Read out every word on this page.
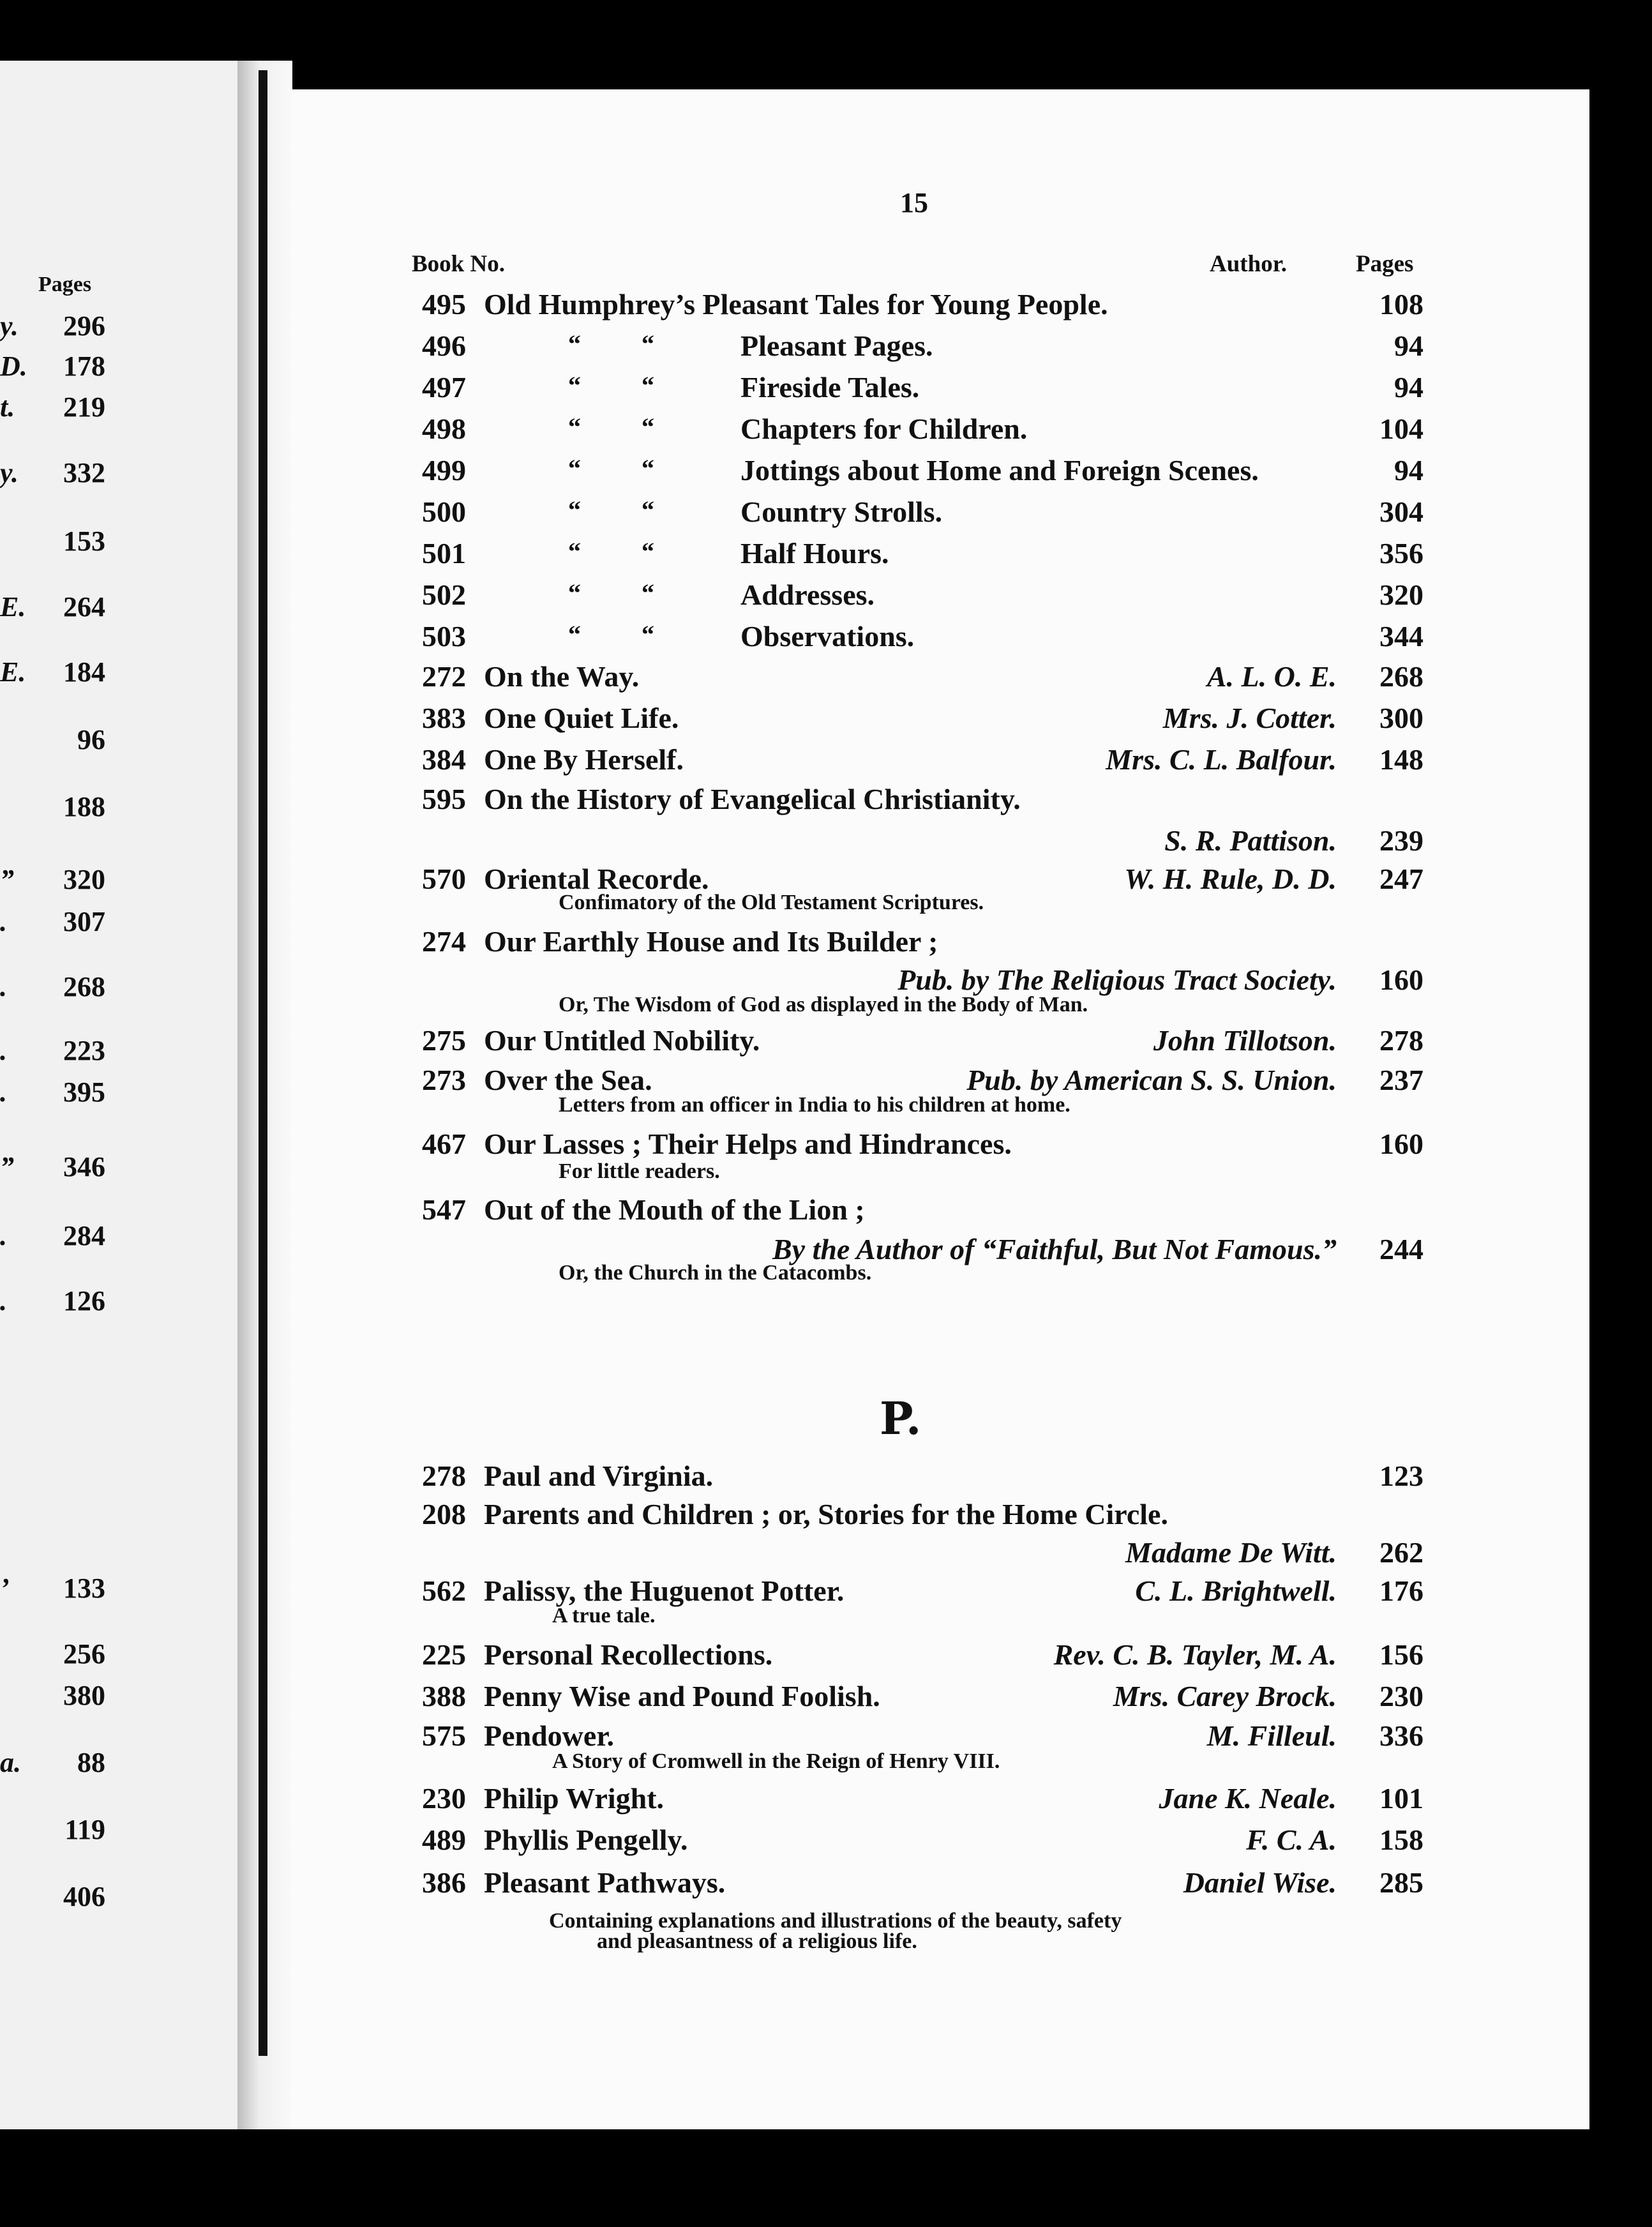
Pages
15
Book No.	Author.	Pages
P.
y. 296
D. 178
t. 219
y. 332
153
E. 264
E. 184
96
188
” 320
. 307
. 268
. 223
. 395
” 346
. 284
. 126
’ 133
256
380
a. 88
119
406
495 Old Humphrey’s Pleasant Tales for Young People.	108
496	“ “	Pleasant Pages.	94
497	“ “	Fireside Tales.	94
498	“ “	Chapters for Children.	104
499	“ “	Jottings about Home and Foreign Scenes.	94
500	“ “	Country Strolls.	304
501	“ “	Half Hours.	356
502	“ “	Addresses.	320
503	“ “	Observations.	344
272 On the Way.	A. L. O. E.	268
383 One Quiet Life.	Mrs. J. Cotter.	300
384 One By Herself.	Mrs. C. L. Balfour.	148
595 On the History of Evangelical Christianity.
S. R. Pattison.	239
570 Oriental Recorde.	W. H. Rule, D. D.	247
Confimatory of the Old Testament Scriptures.
274 Our Earthly House and Its Builder ;
Pub. by The Religious Tract Society.	160
Or, The Wisdom of God as displayed in the Body of Man.
275 Our Untitled Nobility.	John Tillotson.	278
273 Over the Sea.	Pub. by American S. S. Union.	237
Letters from an officer in India to his children at home.
467 Our Lasses ; Their Helps and Hindrances.	160
For little readers.
547 Out of the Mouth of the Lion ;
By the Author of “Faithful, But Not Famous.”	244
Or, the Church in the Catacombs.
278 Paul and Virginia.	123
208 Parents and Children ; or, Stories for the Home Circle.
Madame De Witt.	262
562 Palissy, the Huguenot Potter.	C. L. Brightwell.	176
A true tale.
225 Personal Recollections.	Rev. C. B. Tayler, M. A.	156
388 Penny Wise and Pound Foolish.	Mrs. Carey Brock.	230
575 Pendower.	M. Filleul.	336
A Story of Cromwell in the Reign of Henry VIII.
230 Philip Wright.	Jane K. Neale.	101
489 Phyllis Pengelly.	F. C. A.	158
386 Pleasant Pathways.	Daniel Wise.	285
Containing explanations and illustrations of the beauty, safety
and pleasantness of a religious life.
